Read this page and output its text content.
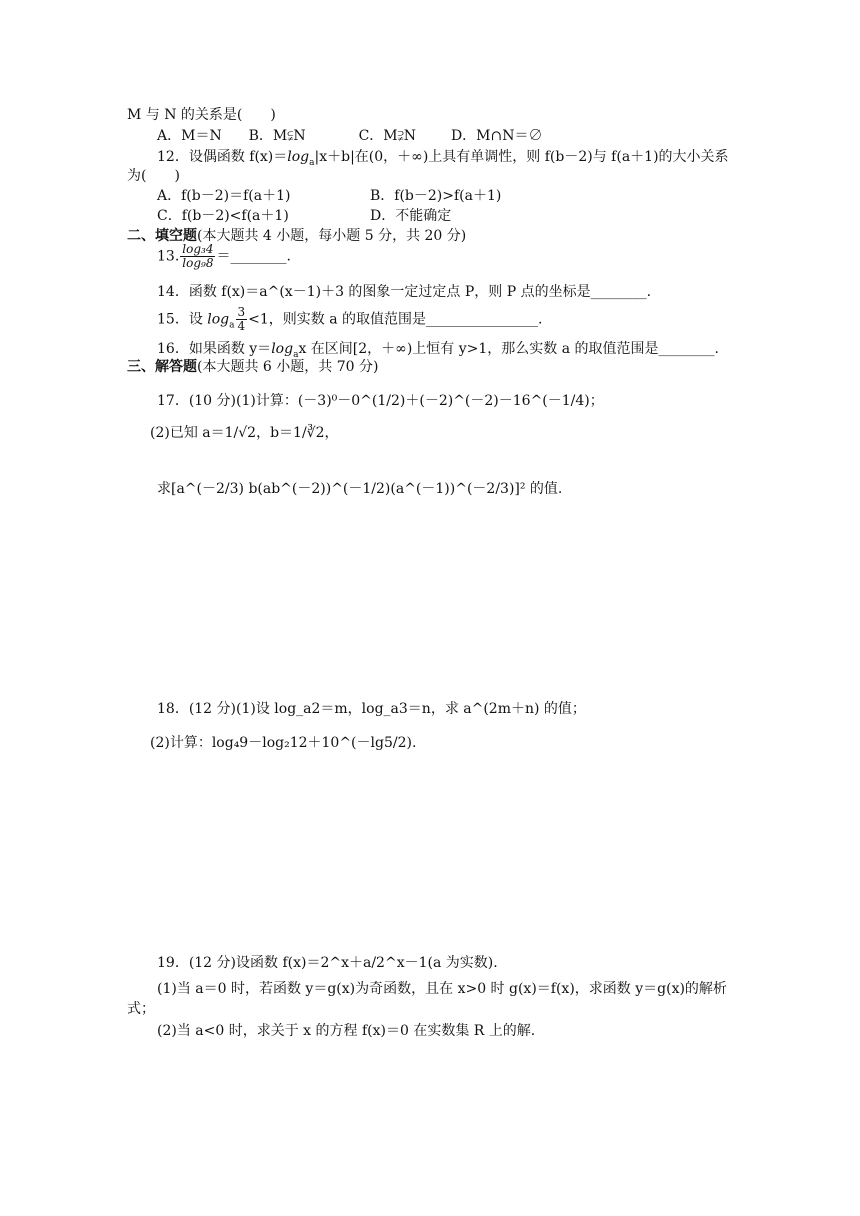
M 与 N 的关系是(　　)
A．M＝N B．M⫋N	C．M⫌N D．M∩N＝∅
12．设偶函数 $f(x)=\log_a|x+b|$在(0，＋∞)上具有单调性，则 f(b－2)与 f(a＋1)的大小关系
为(　　)
A．f(b－2)＝f(a＋1)	B．f(b－2)>f(a＋1)
C．f(b－2)<f(a＋1)	D．不能确定
二、填空题(本大题共 4 小题，每小题 5 分，共 20 分)
13. $\frac{\text{log₃4}}{\text{log₉8}}$ ＝________.
14．函数 f(x)＝a^(x－1)＋3 的图象一定过定点 P，则 P 点的坐标是________.
15．设 $\log_a \frac{3}{4} <1$，则实数 a 的取值范围是________________.
16．如果函数 $y=\log_ax$ 在区间[2，＋∞)上恒有 y>1，那么实数 a 的取值范围是________.
三、解答题(本大题共 6 小题，共 70 分)
17．(10 分)(1)计算：(－3)⁰－0^(1/2)＋(－2)^(－2)－16^(－1/4)；
(2)已知 a＝1/√2，b＝1/∛2，
求[a^(－2/3) b(ab^(－2))^(－1/2)(a^(－1))^(－2/3)]² 的值.
18．(12 分)(1)设 log_a2＝m，log_a3＝n，求 a^(2m＋n) 的值；
(2)计算：log₄9－log₂12＋10^(－lg5/2).
19．(12 分)设函数 f(x)＝2^x＋a/2^x－1(a 为实数).
(1)当 a＝0 时，若函数 y＝g(x)为奇函数，且在 x>0 时 g(x)＝f(x)，求函数 y＝g(x)的解析
式；
(2)当 a<0 时，求关于 x 的方程 f(x)＝0 在实数集 R 上的解.
